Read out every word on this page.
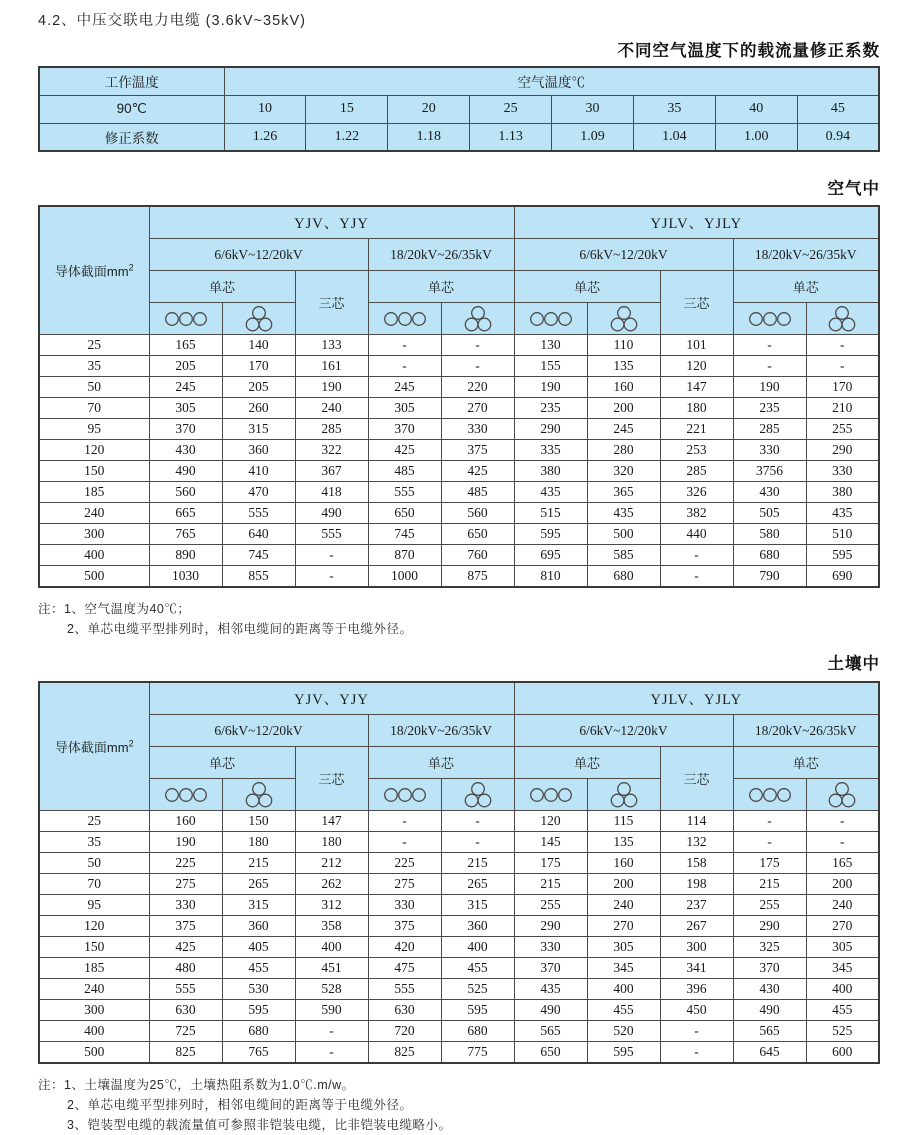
4.2、中压交联电力电缆 (3.6kV~35kV)
不同空气温度下的载流量修正系数
工作温度	空气温度℃							
90℃	10	15	20	25	30	35	40	45
修正系数	1.26	1.22	1.18	1.13	1.09	1.04	1.00	0.94
空气中
导体截面$mm^2$	YJV、YJY					YJLV、YJLY				
	6/6kV~12/20kV			18/20kV~26/35kV		6/6kV~12/20kV			18/20kV~26/35kV	
	单芯		三芯	单芯		单芯		三芯	单芯	

25	165	140	133	-	-	130	110	101	-	-
35	205	170	161	-	-	155	135	120	-	-
50	245	205	190	245	220	190	160	147	190	170
70	305	260	240	305	270	235	200	180	235	210
95	370	315	285	370	330	290	245	221	285	255
120	430	360	322	425	375	335	280	253	330	290
150	490	410	367	485	425	380	320	285	3756	330
185	560	470	418	555	485	435	365	326	430	380
240	665	555	490	650	560	515	435	382	505	435
300	765	640	555	745	650	595	500	440	580	510
400	890	745	-	870	760	695	585	-	680	595
500	1030	855	-	1000	875	810	680	-	790	690
注：1、空气温度为40℃；
2、单芯电缆平型排列时，相邻电缆间的距离等于电缆外径。
土壤中
导体截面$mm^2$	YJV、YJY					YJLV、YJLY				
	6/6kV~12/20kV			18/20kV~26/35kV		6/6kV~12/20kV			18/20kV~26/35kV	
	单芯		三芯	单芯		单芯		三芯	单芯	

25	160	150	147	-	-	120	115	114	-	-
35	190	180	180	-	-	145	135	132	-	-
50	225	215	212	225	215	175	160	158	175	165
70	275	265	262	275	265	215	200	198	215	200
95	330	315	312	330	315	255	240	237	255	240
120	375	360	358	375	360	290	270	267	290	270
150	425	405	400	420	400	330	305	300	325	305
185	480	455	451	475	455	370	345	341	370	345
240	555	530	528	555	525	435	400	396	430	400
300	630	595	590	630	595	490	455	450	490	455
400	725	680	-	720	680	565	520	-	565	525
500	825	765	-	825	775	650	595	-	645	600
注：1、土壤温度为25℃，土壤热阻系数为1.0℃.m/w。
2、单芯电缆平型排列时，相邻电缆间的距离等于电缆外径。
3、铠装型电缆的载流量值可参照非铠装电缆，比非铠装电缆略小。
